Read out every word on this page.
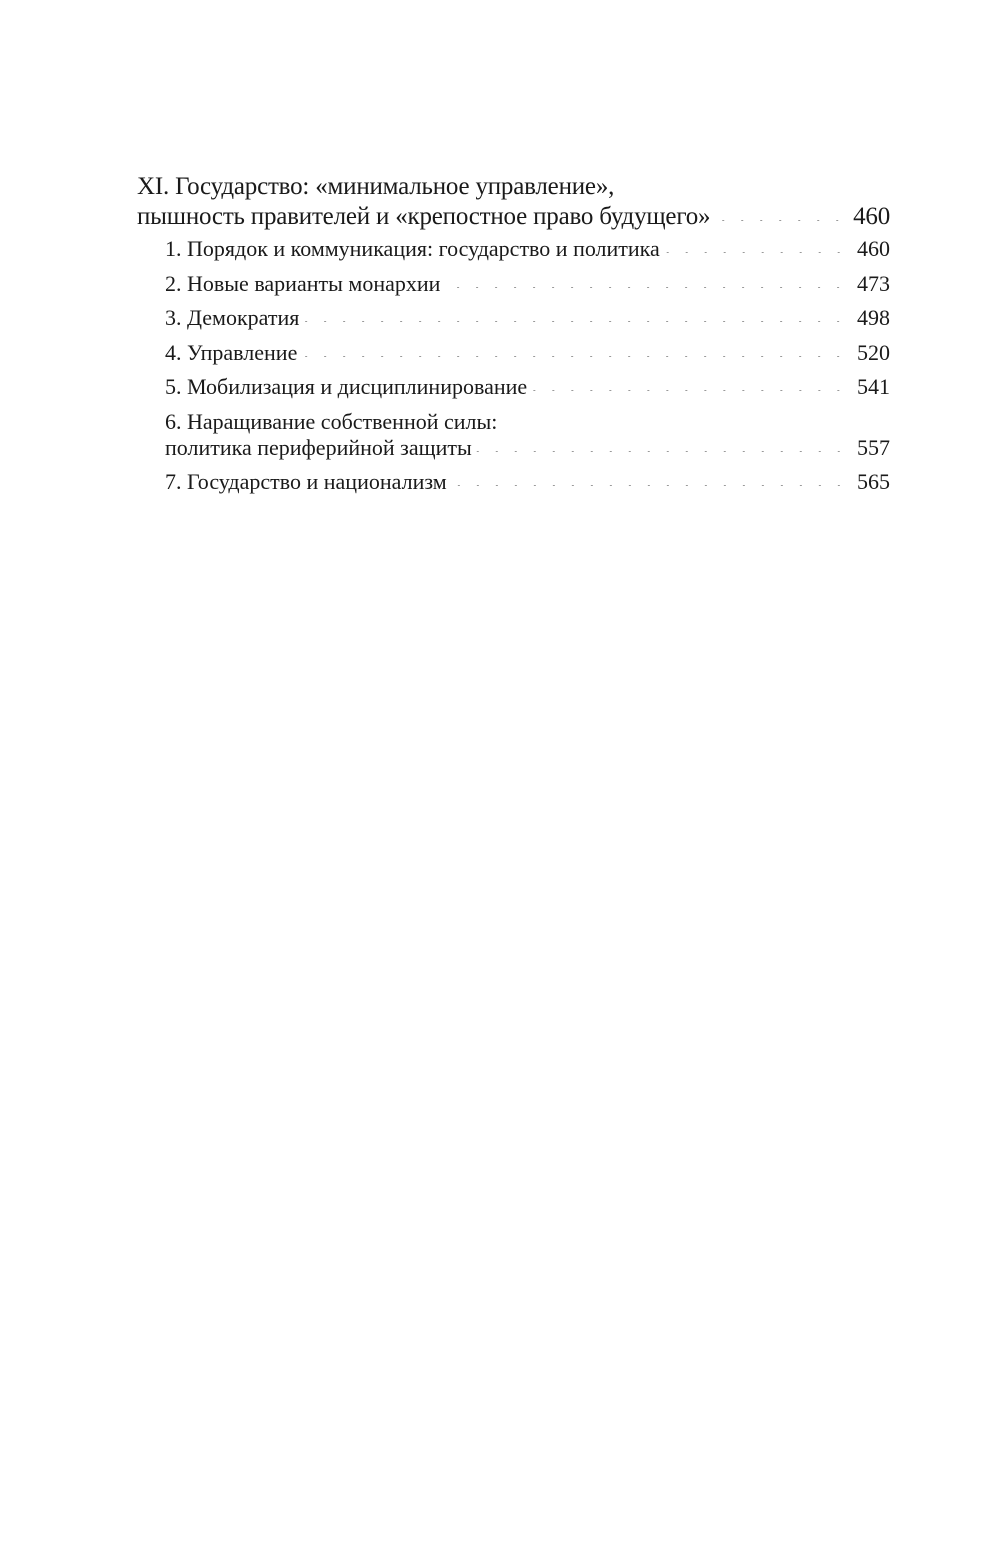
XI. Государство: «минимальное управление»,
пышность правителей и «крепостное право будущего»	460
1. Порядок и коммуникация: государство и политика	460
2. Новые варианты монархии	473
3. Демократия	498
4. Управление	520
5. Мобилизация и дисциплинирование	541
6. Наращивание собственной силы:
политика периферийной защиты	557
7. Государство и национализм	565
